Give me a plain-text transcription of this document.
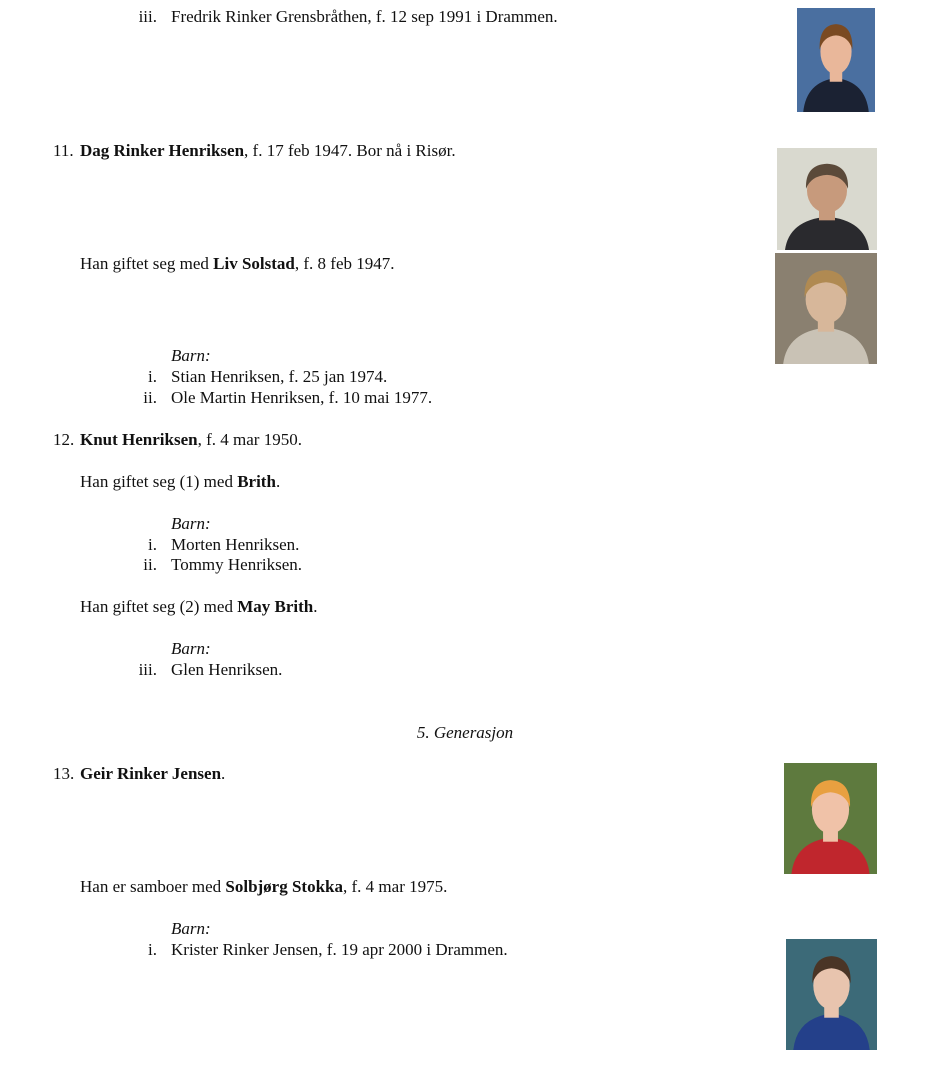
iii. Fredrik Rinker Grensbråthen, f. 12 sep 1991 i Drammen.
11. Dag Rinker Henriksen, f. 17 feb 1947. Bor nå i Risør.
Han giftet seg med Liv Solstad, f. 8 feb 1947.
Barn:
i. Stian Henriksen, f. 25 jan 1974.
ii. Ole Martin Henriksen, f. 10 mai 1977.
12. Knut Henriksen, f. 4 mar 1950.
Han giftet seg (1) med Brith.
Barn:
i. Morten Henriksen.
ii. Tommy Henriksen.
Han giftet seg (2) med May Brith.
Barn:
iii. Glen Henriksen.
5. Generasjon
13. Geir Rinker Jensen.
Han er samboer med Solbjørg Stokka, f. 4 mar 1975.
Barn:
i. Krister Rinker Jensen, f. 19 apr 2000 i Drammen.
